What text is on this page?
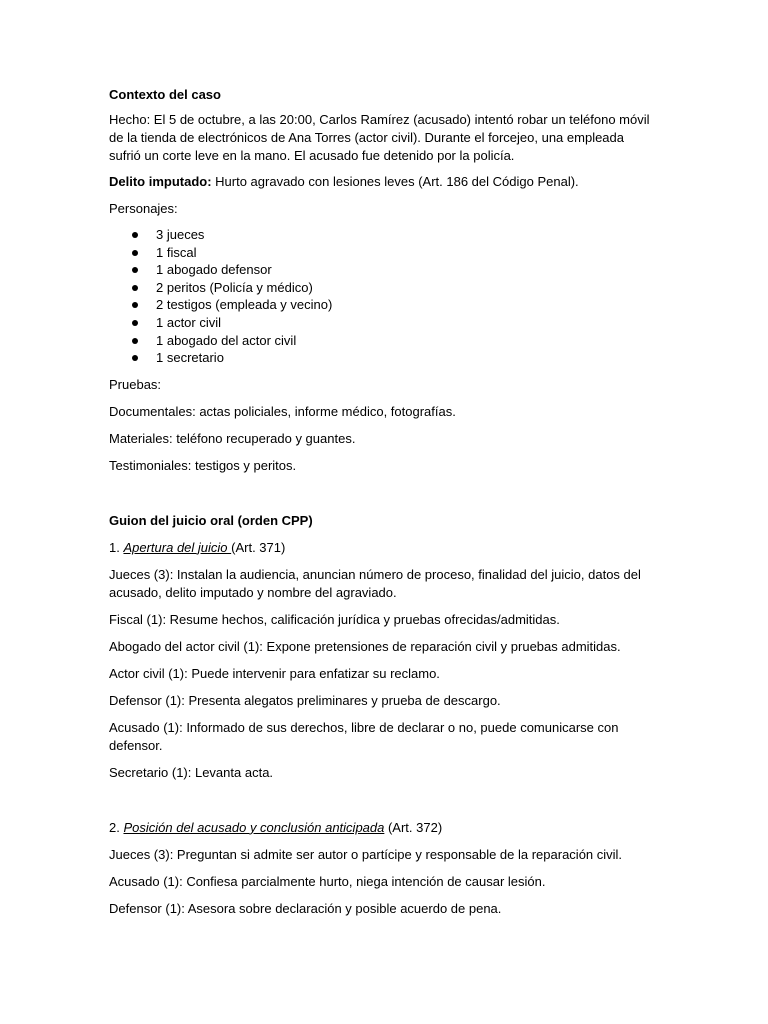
Contexto del caso

Hecho: El 5 de octubre, a las 20:00, Carlos Ramírez (acusado) intentó robar un teléfono móvil de la tienda de electrónicos de Ana Torres (actor civil). Durante el forcejeo, una empleada sufrió un corte leve en la mano. El acusado fue detenido por la policía.

Delito imputado: Hurto agravado con lesiones leves (Art. 186 del Código Penal).

Personajes:

3 jueces
1 fiscal
1 abogado defensor
2 peritos (Policía y médico)
2 testigos (empleada y vecino)
1 actor civil
1 abogado del actor civil
1 secretario

Pruebas:

Documentales: actas policiales, informe médico, fotografías.

Materiales: teléfono recuperado y guantes.

Testimoniales: testigos y peritos.

Guion del juicio oral (orden CPP)

1. Apertura del juicio (Art. 371)

Jueces (3): Instalan la audiencia, anuncian número de proceso, finalidad del juicio, datos del acusado, delito imputado y nombre del agraviado.

Fiscal (1): Resume hechos, calificación jurídica y pruebas ofrecidas/admitidas.

Abogado del actor civil (1): Expone pretensiones de reparación civil y pruebas admitidas.

Actor civil (1): Puede intervenir para enfatizar su reclamo.

Defensor (1): Presenta alegatos preliminares y prueba de descargo.

Acusado (1): Informado de sus derechos, libre de declarar o no, puede comunicarse con defensor.

Secretario (1): Levanta acta.

2. Posición del acusado y conclusión anticipada (Art. 372)

Jueces (3): Preguntan si admite ser autor o partícipe y responsable de la reparación civil.

Acusado (1): Confiesa parcialmente hurto, niega intención de causar lesión.

Defensor (1): Asesora sobre declaración y posible acuerdo de pena.
